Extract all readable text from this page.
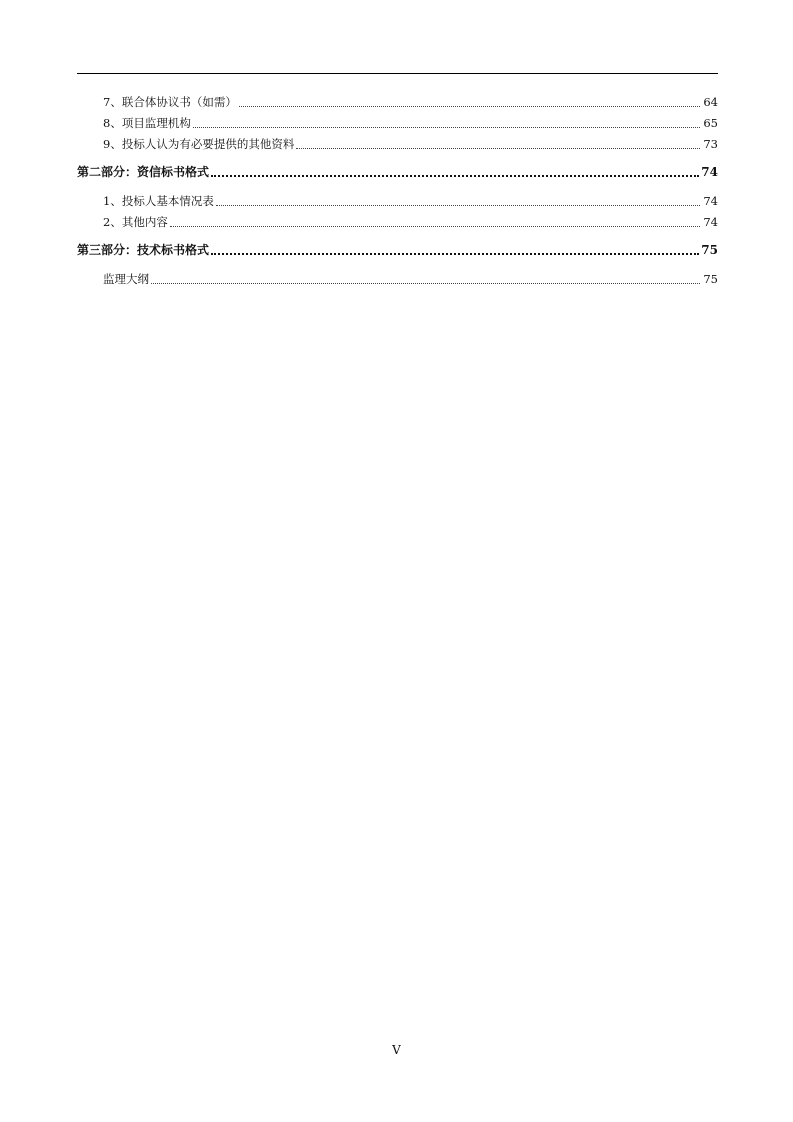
7、联合体协议书（如需）	64
8、项目监理机构	65
9、投标人认为有必要提供的其他资料	73
第二部分：资信标书格式	74
1、投标人基本情况表	74
2、其他内容	74
第三部分：技术标书格式	75
监理大纲	75
V
